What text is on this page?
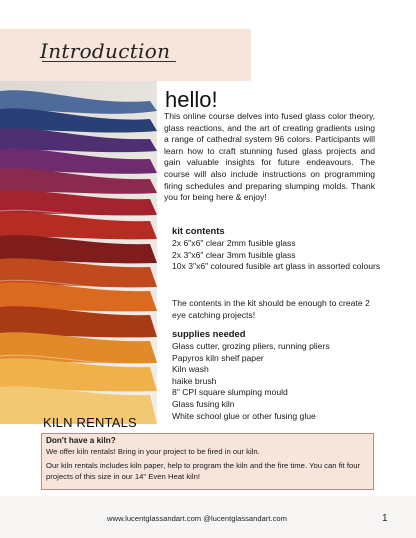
Introduction
hello!
This online course delves into fused glass color theory, glass reactions, and the art of creating gradients using a range of cathedral system 96 colors. Participants will learn how to craft stunning fused glass projects and gain valuable insights for future endeavours. The course will also include instructions on programming firing schedules and preparing slumping molds. Thank you for being here & enjoy!
kit contents
2x 6"x6" clear 2mm fusible glass
2x 3"x6" clear 3mm fusible glass
10x 3"x6" coloured fusible art glass in assorted colours
The contents in the kit should be enough to create 2 eye catching projects!
supplies needed
Glass cutter, grozing pliers, running pliers
Papyros kiln shelf paper
Kiln wash
haike brush
8" CPI square slumping mould
Glass fusing kiln
White school glue or other fusing glue
KILN RENTALS
Don't have a kiln?

We offer kiln rentals! Bring in your project to be fired in our kiln.

Our kiln rentals includes kiln paper, help to program the kiln and the fire time. You can fit four projects of this size in our 14" Even Heat kiln!

www.lucentglassandart.com @lucentglassandart.com	1
